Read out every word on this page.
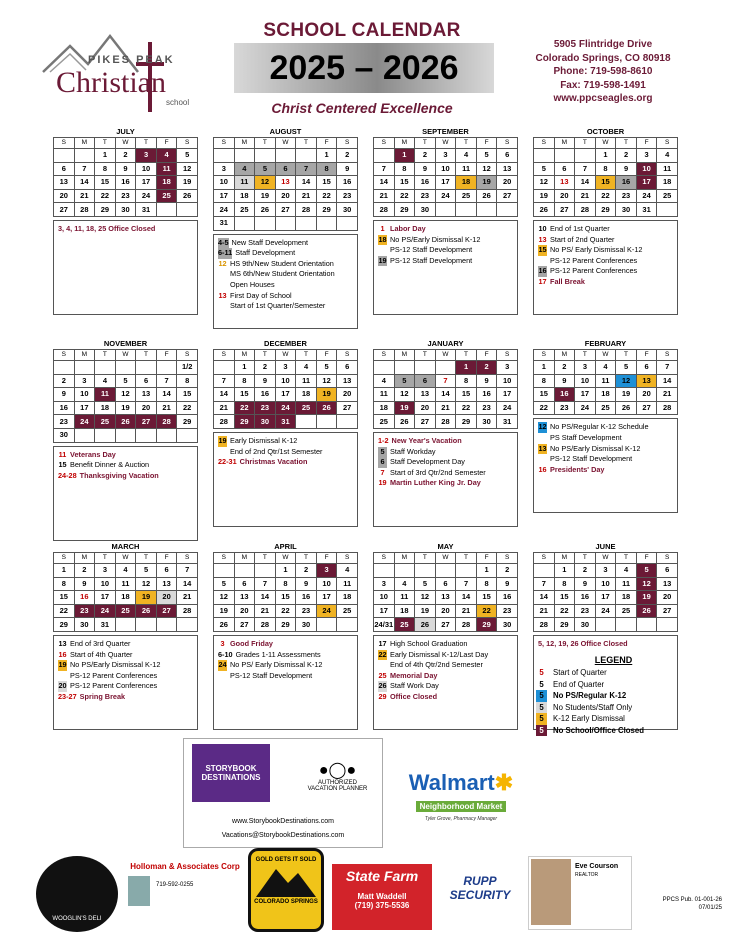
PIKES PEAK
Christian
school
SCHOOL CALENDAR
2025 – 2026
Christ Centered Excellence
5905 Flintridge Drive
Colorado Springs, CO 80918
Phone: 719-598-8610
Fax: 719-598-1491
www.ppcseagles.org
JULY
S	M	T	W	T	F	S
		1	2	3	4	5
6	7	8	9	10	11	12
13	14	15	16	17	18	19
20	21	22	23	24	25	26
27	28	29	30	31		
3, 4, 11, 18, 25 Office Closed
AUGUST
S	M	T	W	T	F	S
					1	2
3	4	5	6	7	8	9
10	11	12	13	14	15	16
17	18	19	20	21	22	23
24	25	26	27	28	29	30
31						
4-5 New Staff Development
6-11 Staff Development
12 HS 9th/New Student Orientation
MS 6th/New Student Orientation
Open Houses
13 First Day of School
Start of 1st Quarter/Semester
SEPTEMBER
S	M	T	W	T	F	S
	1	2	3	4	5	6
7	8	9	10	11	12	13
14	15	16	17	18	19	20
21	22	23	24	25	26	27
28	29	30				
1 Labor Day
18 No PS/Early Dismissal K-12
PS-12 Staff Development
19 PS-12 Staff Development
OCTOBER
S	M	T	W	T	F	S
			1	2	3	4
5	6	7	8	9	10	11
12	13	14	15	16	17	18
19	20	21	22	23	24	25
26	27	28	29	30	31	
10 End of 1st Quarter
13 Start of 2nd Quarter
15 No PS/ Early Dismissal K-12
PS-12 Parent Conferences
16 PS-12 Parent Conferences
17 Fall Break
NOVEMBER
S	M	T	W	T	F	S
						1/2
2	3	4	5	6	7	8
9	10	11	12	13	14	15
16	17	18	19	20	21	22
23	24	25	26	27	28	29
30						
11 Veterans Day
15 Benefit Dinner & Auction
24-28 Thanksgiving Vacation
DECEMBER
S	M	T	W	T	F	S
	1	2	3	4	5	6
7	8	9	10	11	12	13
14	15	16	17	18	19	20
21	22	23	24	25	26	27
28	29	30	31			
19 Early Dismissal K-12
End of 2nd Qtr/1st Semester
22-31 Christmas Vacation
JANUARY
S	M	T	W	T	F	S
				1	2	3
4	5	6	7	8	9	10
11	12	13	14	15	16	17
18	19	20	21	22	23	24
25	26	27	28	29	30	31
1-2 New Year's Vacation
5 Staff Workday
6 Staff Development Day
7 Start of 3rd Qtr/2nd Semester
19 Martin Luther King Jr. Day
FEBRUARY
S	M	T	W	T	F	S
1	2	3	4	5	6	7
8	9	10	11	12	13	14
15	16	17	18	19	20	21
22	23	24	25	26	27	28
12 No PS/Regular K-12 Schedule
PS Staff Development
13 No PS/Early Dismissal K-12
PS-12 Staff Development
16 Presidents' Day
MARCH
S	M	T	W	T	F	S
1	2	3	4	5	6	7
8	9	10	11	12	13	14
15	16	17	18	19	20	21
22	23	24	25	26	27	28
29	30	31				
13 End of 3rd Quarter
16 Start of 4th Quarter
19 No PS/Early Dismissal K-12
PS-12 Parent Conferences
20 PS-12 Parent Conferences
23-27 Spring Break
APRIL
S	M	T	W	T	F	S
			1	2	3	4
5	6	7	8	9	10	11
12	13	14	15	16	17	18
19	20	21	22	23	24	25
26	27	28	29	30		
3 Good Friday
6-10 Grades 1-11 Assessments
24 No PS/ Early Dismissal K-12
PS-12 Staff Development
MAY
S	M	T	W	T	F	S
					1	2
3	4	5	6	7	8	9
10	11	12	13	14	15	16
17	18	19	20	21	22	23
24/31	25	26	27	28	29	30
17 High School Graduation
22 Early Dismissal K-12/Last Day
End of 4th Qtr/2nd Semester
25 Memorial Day
26 Staff Work Day
29 Office Closed
JUNE
S	M	T	W	T	F	S
	1	2	3	4	5	6
7	8	9	10	11	12	13
14	15	16	17	18	19	20
21	22	23	24	25	26	27
28	29	30				
5, 12, 19, 26 Office Closed
LEGEND
5 Start of Quarter
5 End of Quarter
5 No PS/Regular K-12
5 No Students/Staff Only
5 K-12 Early Dismissal
5 No School/Office Closed
STORYBOOK
DESTINATIONS	●◯●
AUTHORIZED
VACATION PLANNER
www.StorybookDestinations.com
Vacations@StorybookDestinations.com
Walmart✱
Neighborhood Market
Tyler Grove, Pharmacy Manager
WOOGLIN'S DELI
Holloman & Associates Corp
719-592-0255
GOLD GETS IT SOLD
COLORADO SPRINGS
State Farm
Matt Waddell
(719) 375-5536
RUPP SECURITY
Eve Courson
REALTOR
PPCS Pub. 01-001-26
07/01/25
